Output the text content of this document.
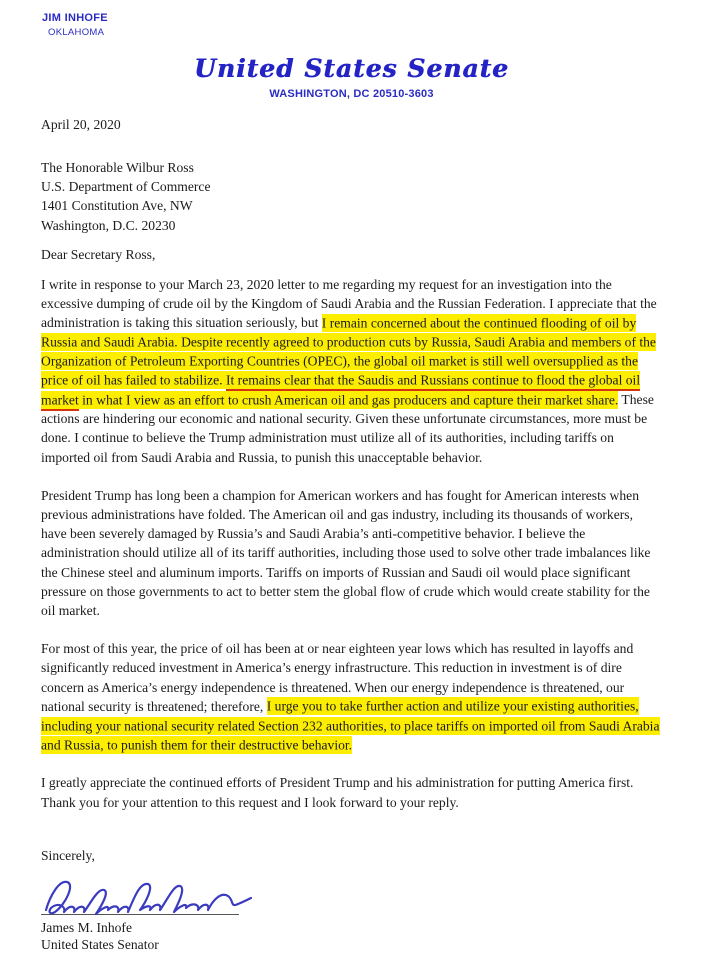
JIM INHOFE
OKLAHOMA
United States Senate
WASHINGTON, DC 20510-3603
April 20, 2020
The Honorable Wilbur Ross
U.S. Department of Commerce
1401 Constitution Ave, NW
Washington, D.C. 20230
Dear Secretary Ross,
I write in response to your March 23, 2020 letter to me regarding my request for an investigation into the excessive dumping of crude oil by the Kingdom of Saudi Arabia and the Russian Federation. I appreciate that the administration is taking this situation seriously, but I remain concerned about the continued flooding of oil by Russia and Saudi Arabia. Despite recently agreed to production cuts by Russia, Saudi Arabia and members of the Organization of Petroleum Exporting Countries (OPEC), the global oil market is still well oversupplied as the price of oil has failed to stabilize. It remains clear that the Saudis and Russians continue to flood the global oil market in what I view as an effort to crush American oil and gas producers and capture their market share. These actions are hindering our economic and national security. Given these unfortunate circumstances, more must be done. I continue to believe the Trump administration must utilize all of its authorities, including tariffs on imported oil from Saudi Arabia and Russia, to punish this unacceptable behavior.
President Trump has long been a champion for American workers and has fought for American interests when previous administrations have folded. The American oil and gas industry, including its thousands of workers, have been severely damaged by Russia’s and Saudi Arabia’s anti-competitive behavior. I believe the administration should utilize all of its tariff authorities, including those used to solve other trade imbalances like the Chinese steel and aluminum imports. Tariffs on imports of Russian and Saudi oil would place significant pressure on those governments to act to better stem the global flow of crude which would create stability for the oil market.
For most of this year, the price of oil has been at or near eighteen year lows which has resulted in layoffs and significantly reduced investment in America’s energy infrastructure. This reduction in investment is of dire concern as America’s energy independence is threatened. When our energy independence is threatened, our national security is threatened; therefore, I urge you to take further action and utilize your existing authorities, including your national security related Section 232 authorities, to place tariffs on imported oil from Saudi Arabia and Russia, to punish them for their destructive behavior.
I greatly appreciate the continued efforts of President Trump and his administration for putting America first. Thank you for your attention to this request and I look forward to your reply.
Sincerely,
James M. Inhofe
United States Senator
